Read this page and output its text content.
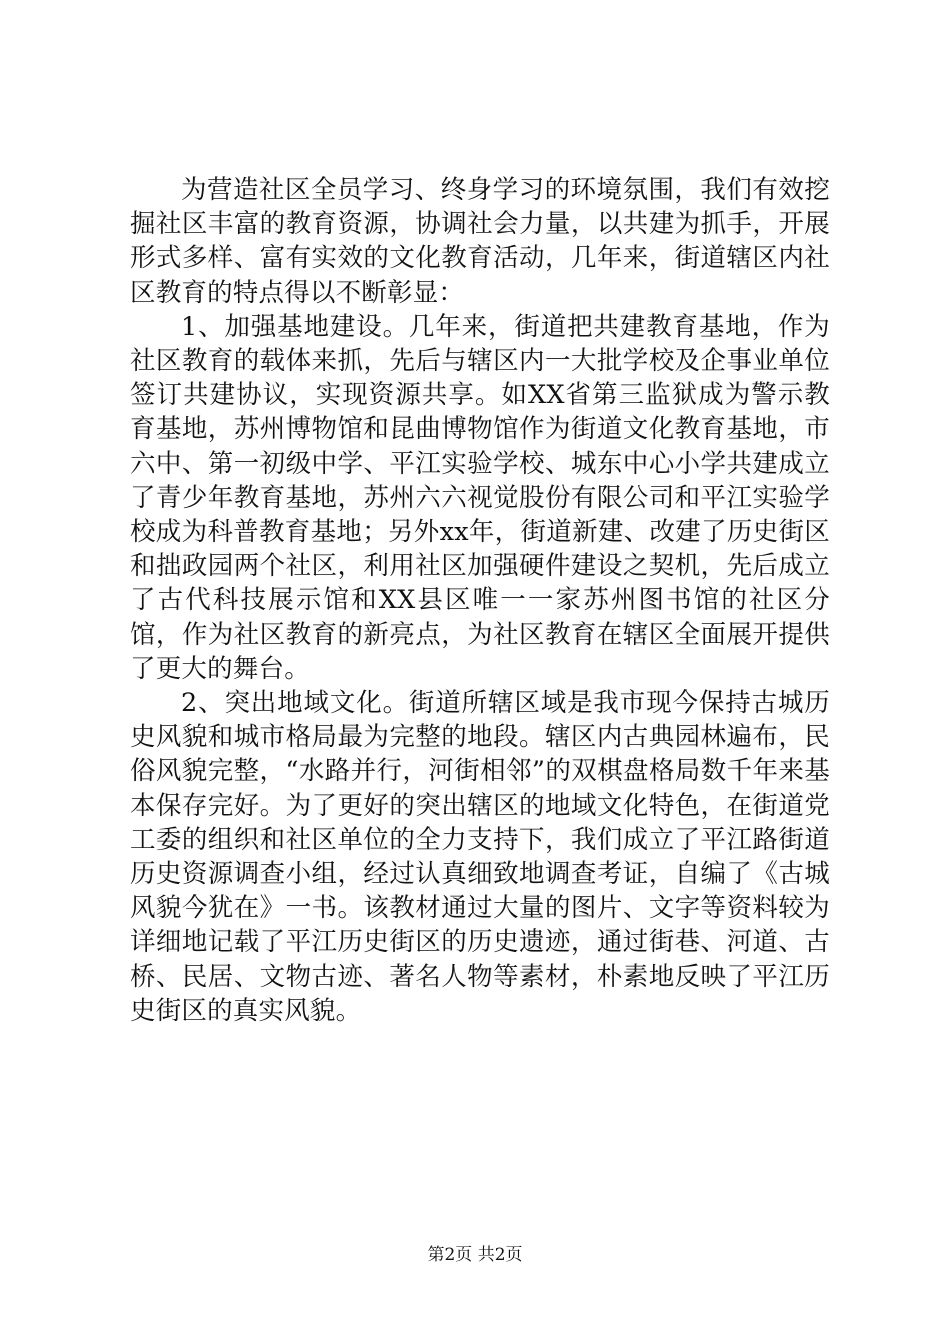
为营造社区全员学习、终身学习的环境氛围，我们有效挖掘社区丰富的教育资源，协调社会力量，以共建为抓手，开展形式多样、富有实效的文化教育活动，几年来，街道辖区内社区教育的特点得以不断彰显：

1、加强基地建设。几年来，街道把共建教育基地，作为社区教育的载体来抓，先后与辖区内一大批学校及企事业单位签订共建协议，实现资源共享。如XX省第三监狱成为警示教育基地，苏州博物馆和昆曲博物馆作为街道文化教育基地，市六中、第一初级中学、平江实验学校、城东中心小学共建成立了青少年教育基地，苏州六六视觉股份有限公司和平江实验学校成为科普教育基地；另外xx年，街道新建、改建了历史街区和拙政园两个社区，利用社区加强硬件建设之契机，先后成立了古代科技展示馆和XX县区唯一一家苏州图书馆的社区分馆，作为社区教育的新亮点，为社区教育在辖区全面展开提供了更大的舞台。

2、突出地域文化。街道所辖区域是我市现今保持古城历史风貌和城市格局最为完整的地段。辖区内古典园林遍布，民俗风貌完整，“水路并行，河街相邻”的双棋盘格局数千年来基本保存完好。为了更好的突出辖区的地域文化特色，在街道党工委的组织和社区单位的全力支持下，我们成立了平江路街道历史资源调查小组，经过认真细致地调查考证，自编了《古城风貌今犹在》一书。该教材通过大量的图片、文字等资料较为详细地记载了平江历史街区的历史遗迹，通过街巷、河道、古桥、民居、文物古迹、著名人物等素材，朴素地反映了平江历史街区的真实风貌。

第2页 共2页
